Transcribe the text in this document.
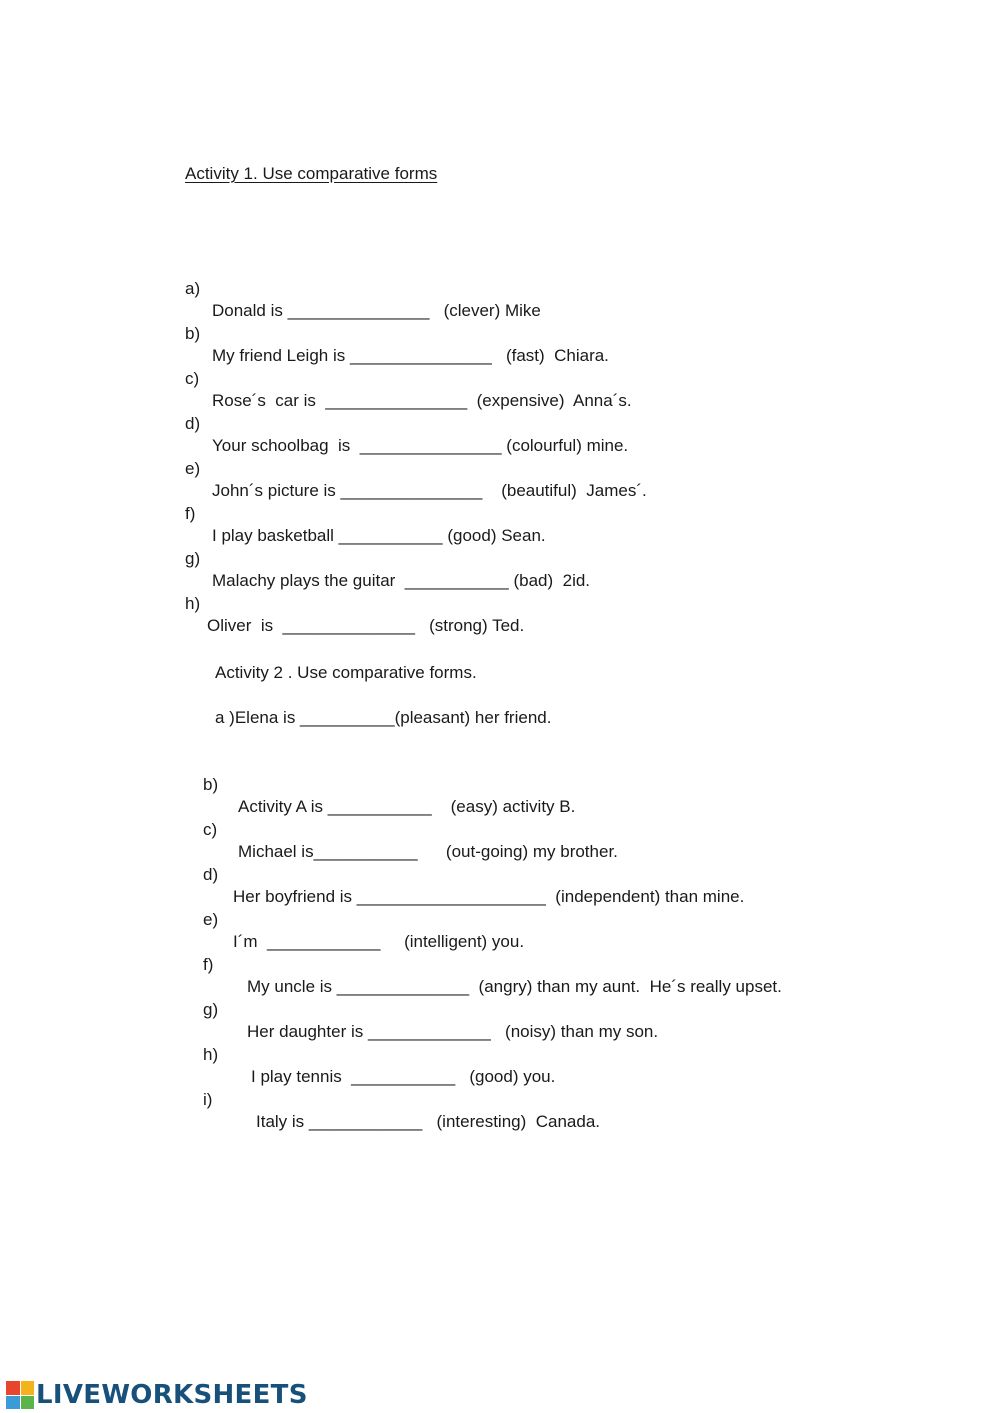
Activity 1. Use comparative forms

a)

Donald is _______________   (clever) Mike

b)

My friend Leigh is _______________   (fast)  Chiara.

c)

Rose´s  car is  _______________  (expensive)  Anna´s.

d)

Your schoolbag  is  _______________ (colourful) mine.

e)

John´s picture is _______________    (beautiful)  James´.

f)

I play basketball ___________ (good) Sean.

g)

Malachy plays the guitar  ___________ (bad)  2id.

h)

Oliver  is  ______________   (strong) Ted.

Activity 2 . Use comparative forms.
a )Elena is __________(pleasant) her friend.

b)

Activity A is ___________    (easy) activity B.

c)

Michael is___________      (out-going) my brother.

d)

Her boyfriend is ____________________  (independent) than mine.

e)

I´m  ____________     (intelligent) you.

f)

My uncle is ______________  (angry) than my aunt.  He´s really upset.

g)

Her daughter is _____________   (noisy) than my son.

h)

I play tennis  ___________   (good) you.

i)

Italy is ____________   (interesting)  Canada.

LIVEWORKSHEETS
